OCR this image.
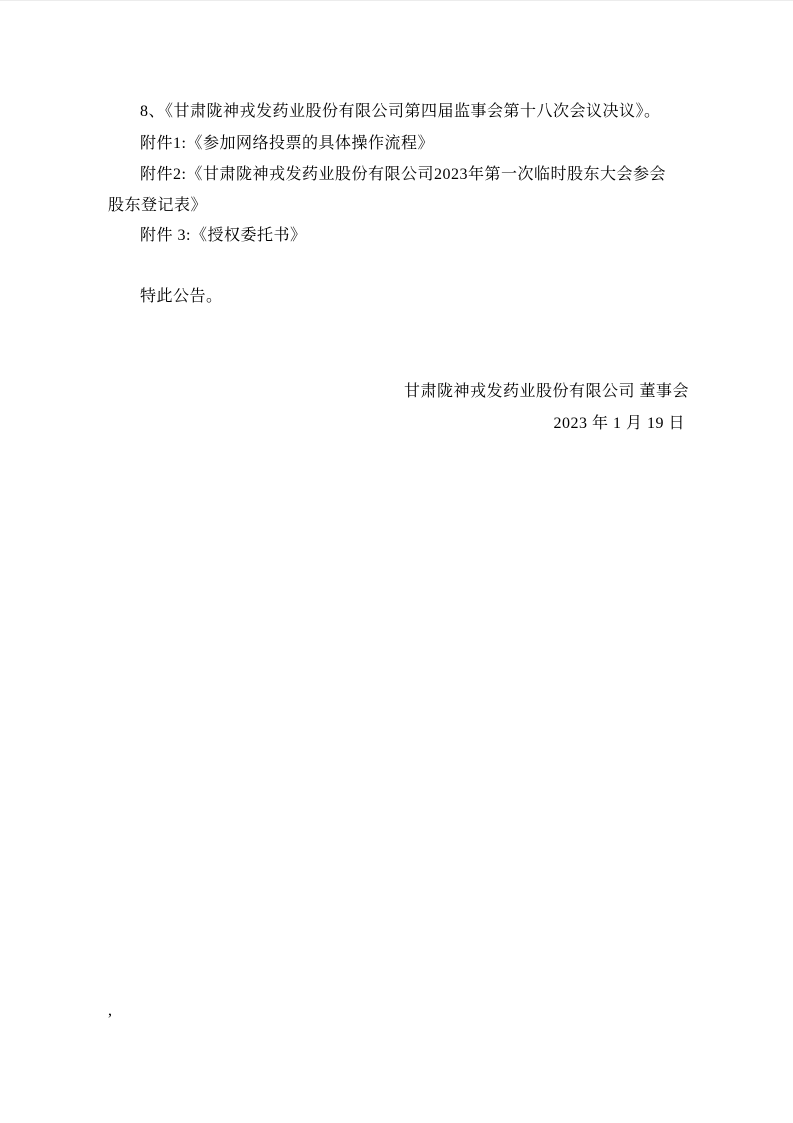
8、《甘肃陇神戎发药业股份有限公司第四届监事会第十八次会议决议》。
附件1:《参加网络投票的具体操作流程》
附件2:《甘肃陇神戎发药业股份有限公司2023年第一次临时股东大会参会
股东登记表》
附件 3:《授权委托书》
特此公告。
甘肃陇神戎发药业股份有限公司 董事会
2023 年 1 月 19 日
,
